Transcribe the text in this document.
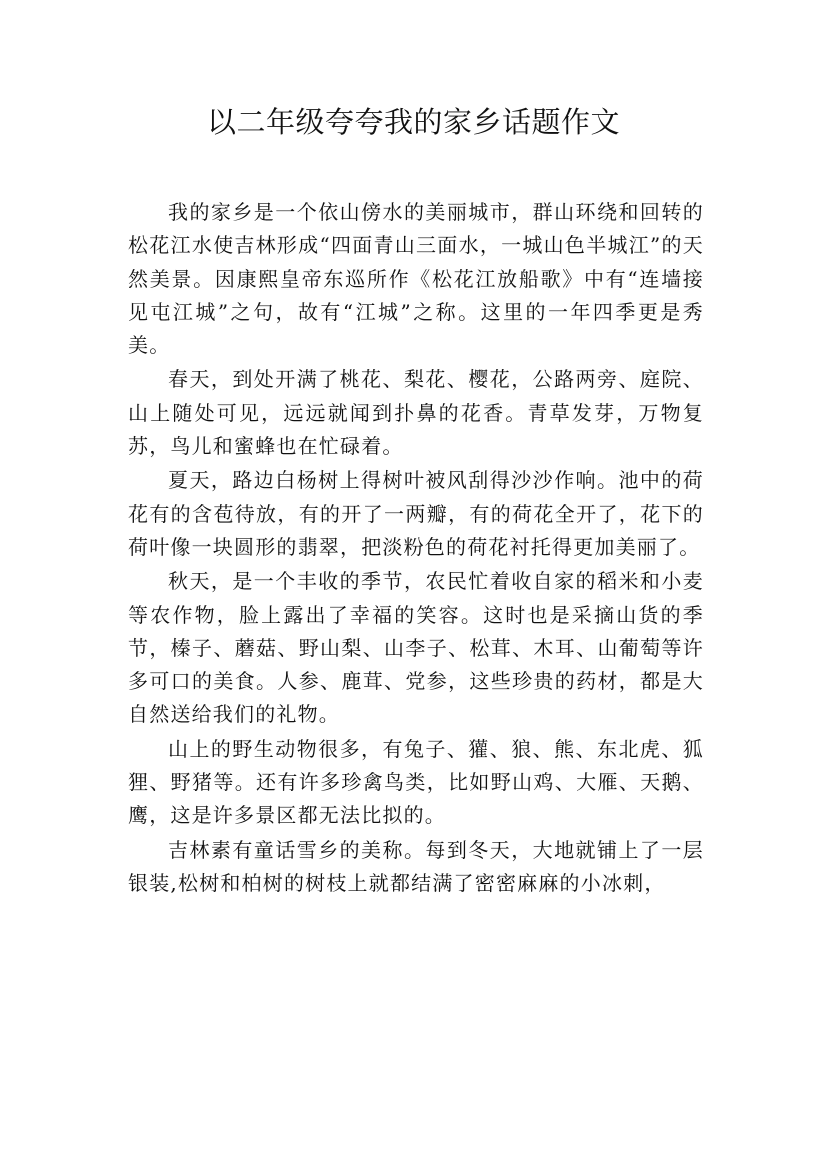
以二年级夸夸我的家乡话题作文

我的家乡是一个依山傍水的美丽城市，群山环绕和回转的松花江水使吉林形成“四面青山三面水，一城山色半城江”的天然美景。因康熙皇帝东巡所作《松花江放船歌》中有“连墙接见屯江城”之句，故有“江城”之称。这里的一年四季更是秀美。

春天，到处开满了桃花、梨花、樱花，公路两旁、庭院、山上随处可见，远远就闻到扑鼻的花香。青草发芽，万物复苏，鸟儿和蜜蜂也在忙碌着。

夏天，路边白杨树上得树叶被风刮得沙沙作响。池中的荷花有的含苞待放，有的开了一两瓣，有的荷花全开了，花下的荷叶像一块圆形的翡翠，把淡粉色的荷花衬托得更加美丽了。

秋天，是一个丰收的季节，农民忙着收自家的稻米和小麦等农作物，脸上露出了幸福的笑容。这时也是采摘山货的季节，榛子、蘑菇、野山梨、山李子、松茸、木耳、山葡萄等许多可口的美食。人参、鹿茸、党参，这些珍贵的药材，都是大自然送给我们的礼物。

山上的野生动物很多，有兔子、獾、狼、熊、东北虎、狐狸、野猪等。还有许多珍禽鸟类，比如野山鸡、大雁、天鹅、鹰，这是许多景区都无法比拟的。

吉林素有童话雪乡的美称。每到冬天，大地就铺上了一层银装,松树和柏树的树枝上就都结满了密密麻麻的小冰刺，
